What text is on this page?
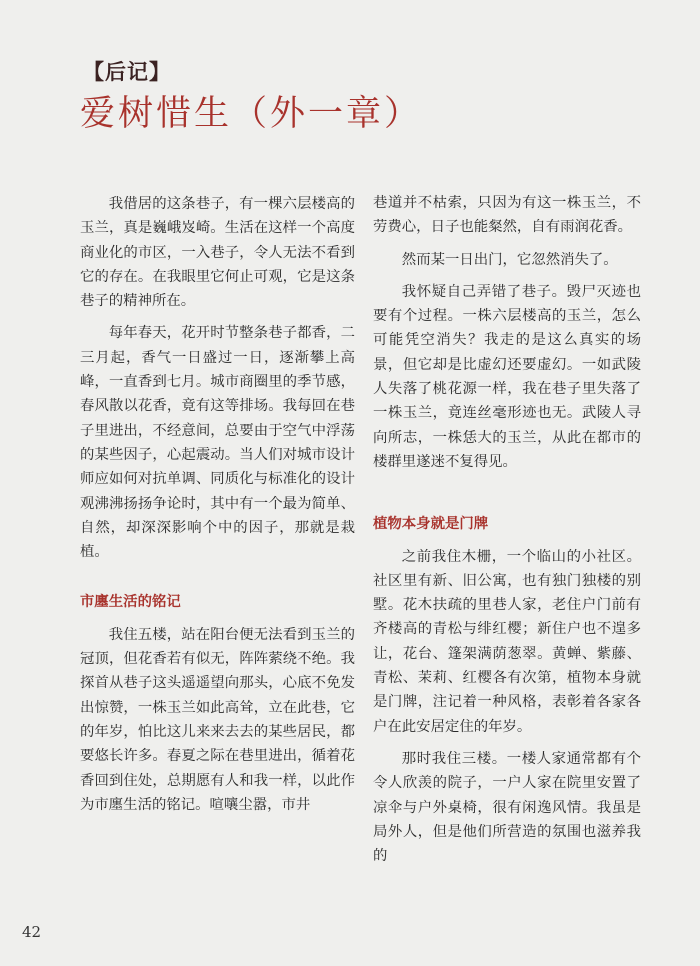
【后记】
爱树惜生（外一章）

我借居的这条巷子，有一棵六层楼高的玉兰，真是巍峨岌崎。生活在这样一个高度商业化的市区，一入巷子，令人无法不看到它的存在。在我眼里它何止可观，它是这条巷子的精神所在。

每年春天，花开时节整条巷子都香，二三月起，香气一日盛过一日，逐渐攀上高峰，一直香到七月。城市商圈里的季节感，春风散以花香，竟有这等排场。我每回在巷子里进出，不经意间，总要由于空气中浮荡的某些因子，心起震动。当人们对城市设计师应如何对抗单调、同质化与标准化的设计观沸沸扬扬争论时，其中有一个最为简单、自然，却深深影响个中的因子，那就是栽植。

市廛生活的铭记

我住五楼，站在阳台便无法看到玉兰的冠顶，但花香若有似无，阵阵萦绕不绝。我探首从巷子这头遥遥望向那头，心底不免发出惊赞，一株玉兰如此高耸，立在此巷，它的年岁，怕比这儿来来去去的某些居民，都要悠长许多。春夏之际在巷里进出，循着花香回到住处，总期愿有人和我一样，以此作为市廛生活的铭记。喧嚷尘嚣，市井

巷道并不枯索，只因为有这一株玉兰，不劳费心，日子也能粲然，自有雨润花香。

然而某一日出门，它忽然消失了。

我怀疑自己弄错了巷子。毁尸灭迹也要有个过程。一株六层楼高的玉兰，怎么可能凭空消失？我走的是这么真实的场景，但它却是比虚幻还要虚幻。一如武陵人失落了桃花源一样，我在巷子里失落了一株玉兰，竟连丝毫形迹也无。武陵人寻向所志，一株恁大的玉兰，从此在都市的楼群里遂迷不复得见。

植物本身就是门牌

之前我住木栅，一个临山的小社区。社区里有新、旧公寓，也有独门独楼的别墅。花木扶疏的里巷人家，老住户门前有齐楼高的青松与绯红樱；新住户也不遑多让，花台、篷架满荫葱翠。黄蝉、紫藤、青松、茉莉、红樱各有次第，植物本身就是门牌，注记着一种风格，表彰着各家各户在此安居定住的年岁。

那时我住三楼。一楼人家通常都有个令人欣羡的院子，一户人家在院里安置了凉伞与户外桌椅，很有闲逸风情。我虽是局外人，但是他们所营造的氛围也滋养我的

42
